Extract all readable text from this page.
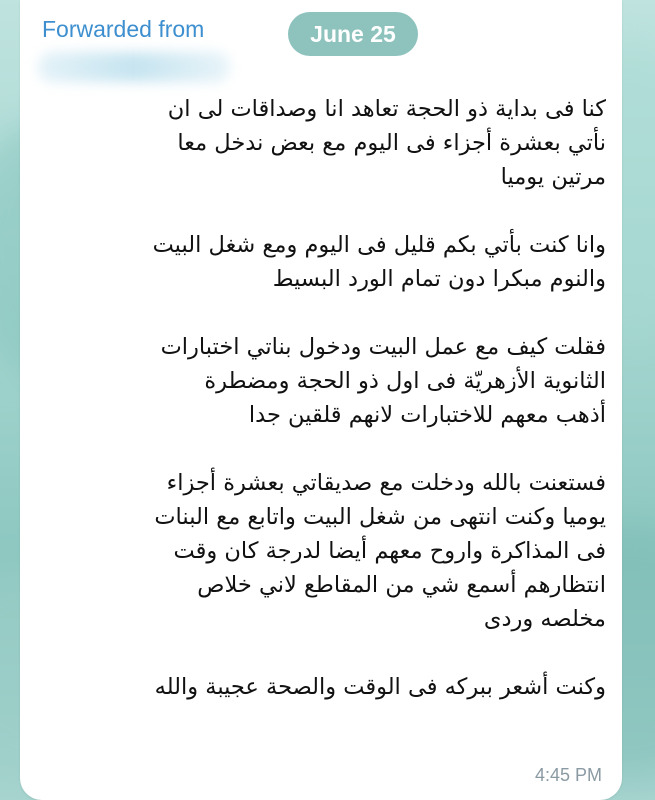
Forwarded from	June 25

كنا فى بداية ذو الحجة تعاهد انا وصداقات لى ان
نأتي بعشرة أجزاء فى اليوم مع بعض ندخل معا
مرتين يوميا

وانا كنت بأتي بكم قليل فى اليوم ومع شغل البيت
والنوم مبكرا دون تمام الورد البسيط

فقلت كيف مع عمل البيت ودخول بناتي اختبارات
الثانوية الأزهريّة فى اول ذو الحجة ومضطرة
أذهب معهم للاختبارات لانهم قلقين جدا

فستعنت بالله ودخلت مع صديقاتي بعشرة أجزاء
يوميا وكنت انتهى من شغل البيت واتابع مع البنات
فى المذاكرة واروح معهم أيضا لدرجة كان وقت
انتظارهم أسمع شي من المقاطع لاني خلاص
مخلصه وردى

وكنت أشعر ببركه فى الوقت والصحة عجيبة والله

4:45 PM
